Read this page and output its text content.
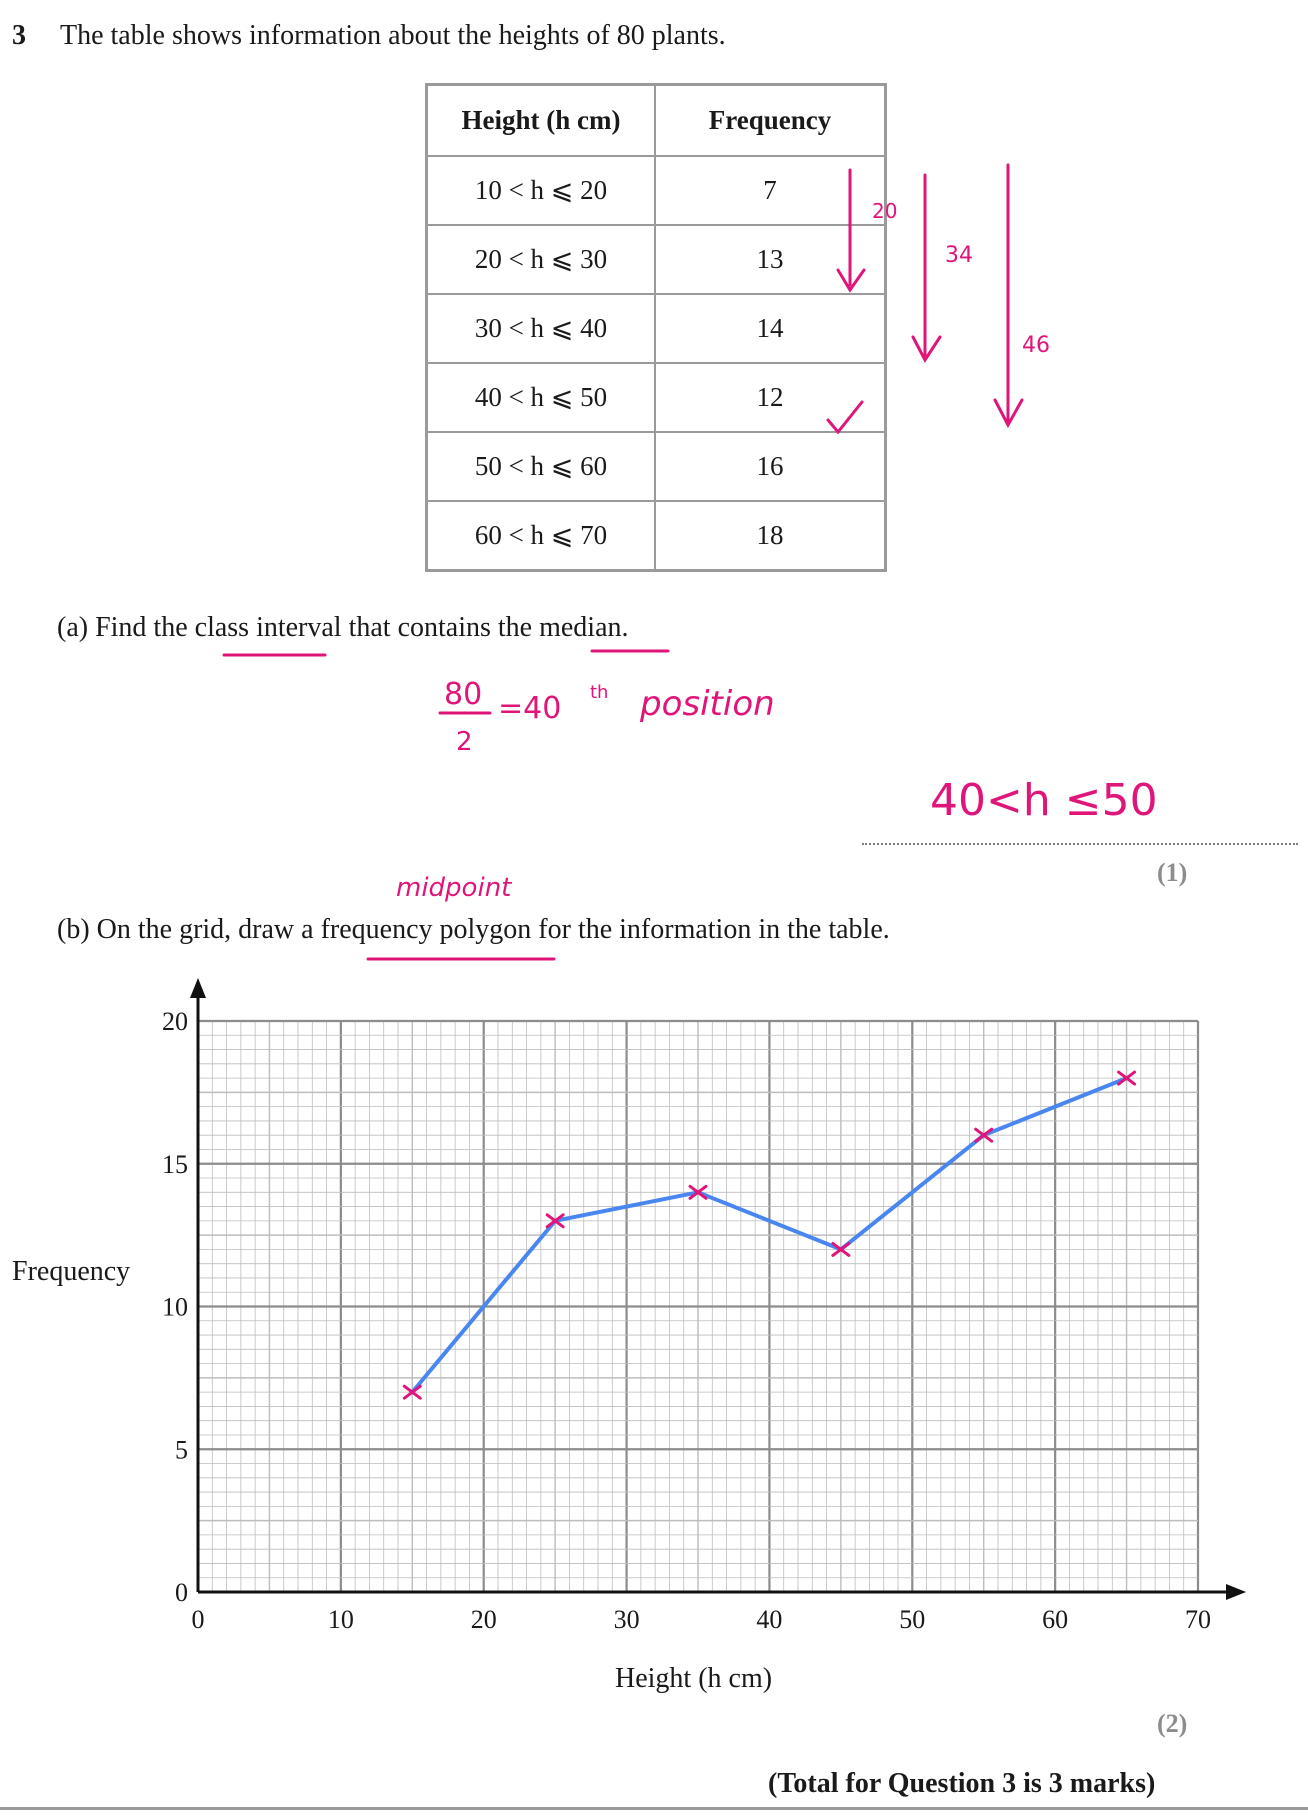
3 The table shows information about the heights of 80 plants.
Height (h cm)	Frequency
10 < h ⩽ 20	7
20 < h ⩽ 30	13
30 < h ⩽ 40	14
40 < h ⩽ 50	12
50 < h ⩽ 60	16
60 < h ⩽ 70	18
(a) Find the class interval that contains the median.
(1)
(b) On the grid, draw a frequency polygon for the information in the table.
Frequency
Height (h cm)
(2)
(Total for Question 3 is 3 marks)
20
34
46
80
2
=40 th position
40<h ≤50
midpoint
0	10	20	30	40	50	60	70
0
5
10
15
20
